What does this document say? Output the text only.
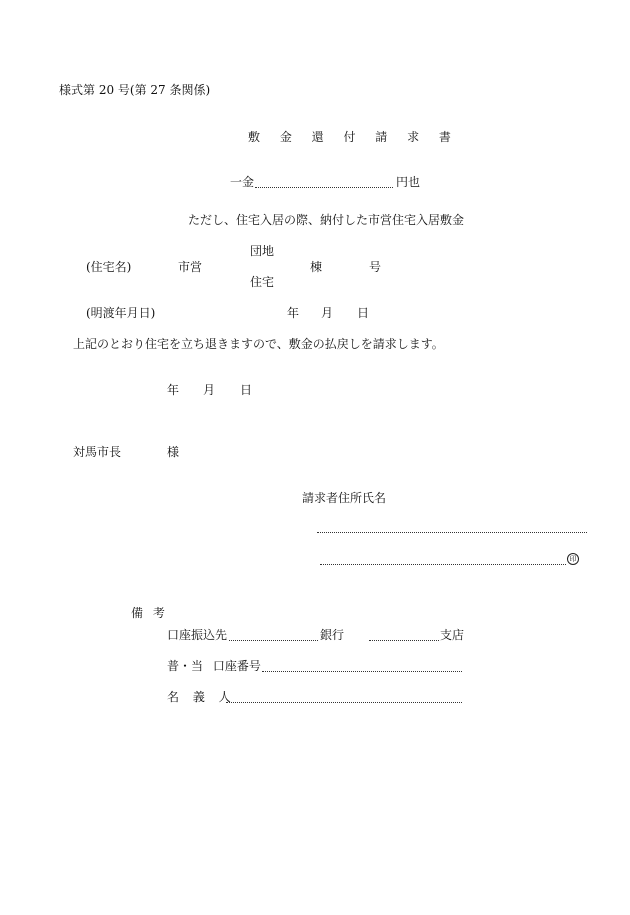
様式第 20 号(第 27 条関係)
敷 金 還 付 請 求 書
一金	円也
ただし、住宅入居の際、納付した市営住宅入居敷金
団地
(住宅名)	市営	棟	号
住宅
(明渡年月日)	年 月 日
上記のとおり住宅を立ち退きますので、敷金の払戻しを請求します。
年 月 日
対馬市長	様
請求者住所氏名
印
備 考
口座振込先	銀行	支店
普・当 口座番号
名 義 人
